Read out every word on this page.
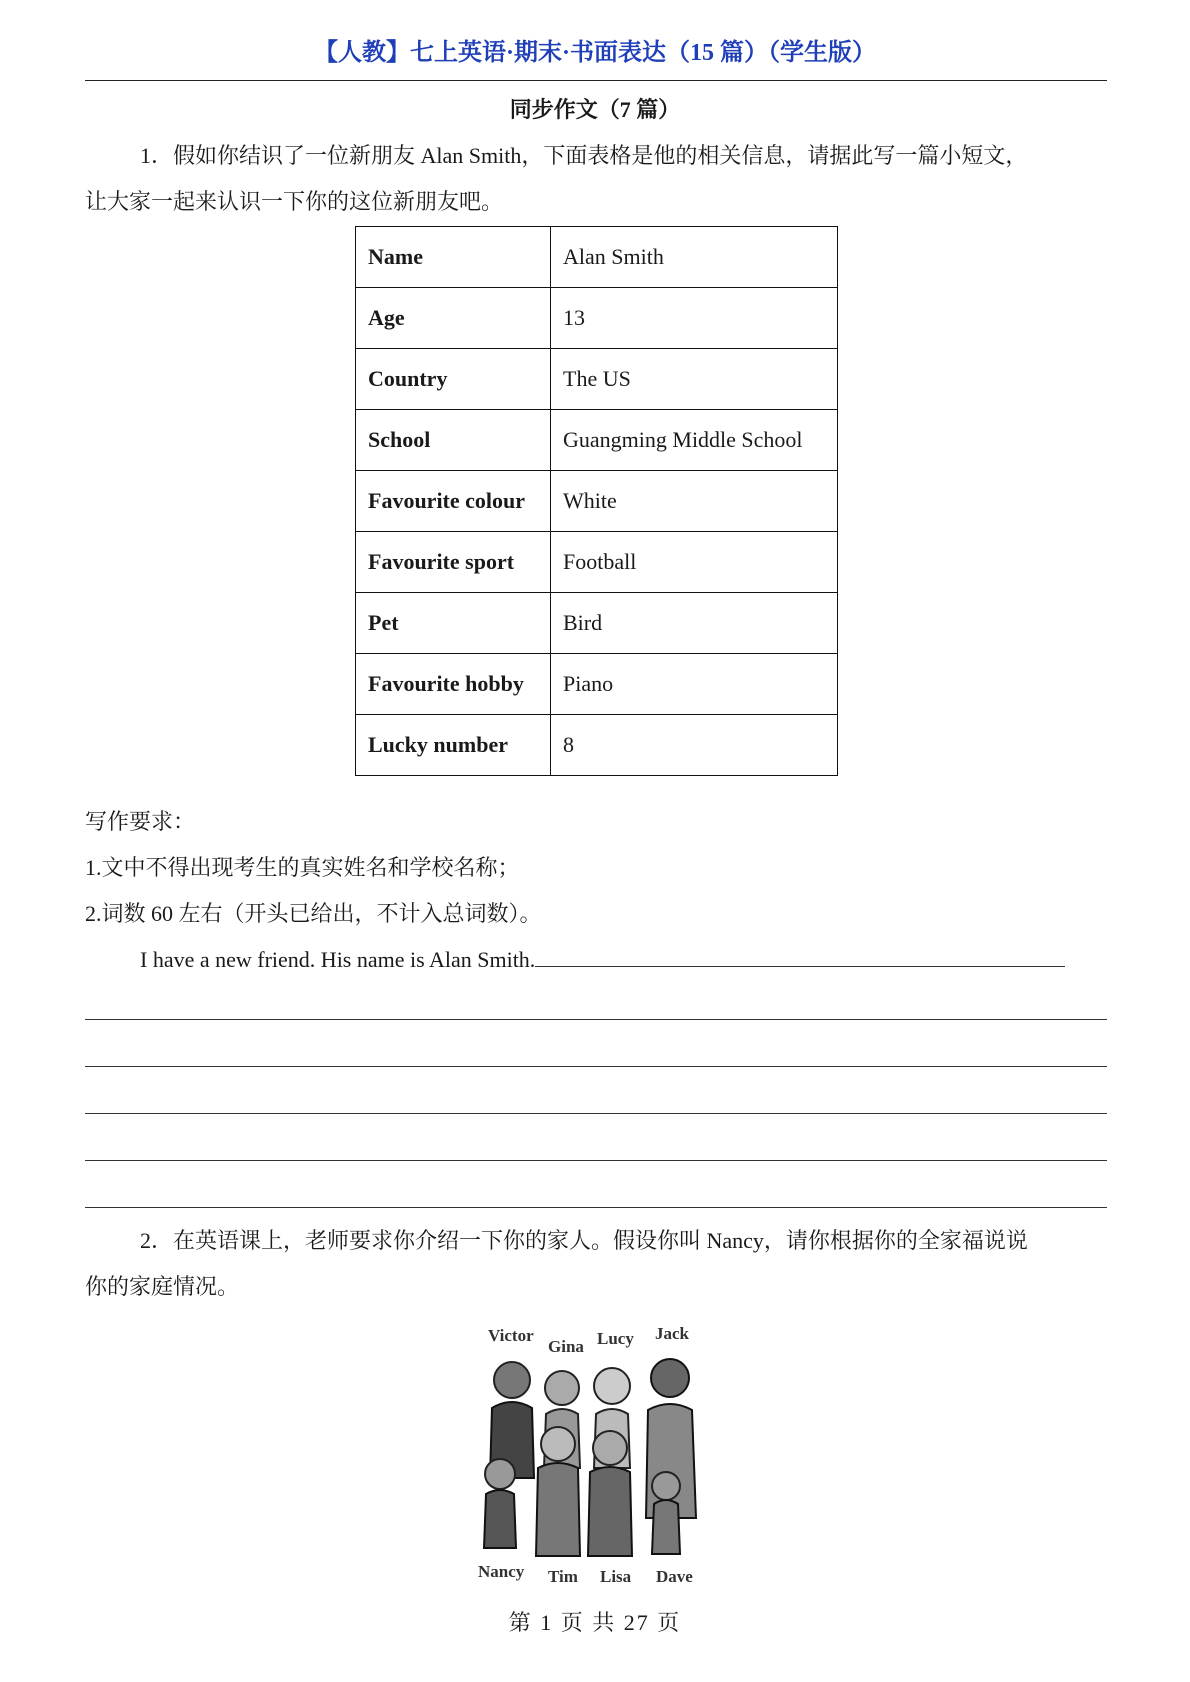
【人教】七上英语·期末·书面表达（15 篇）（学生版）
同步作文（7 篇）
1．假如你结识了一位新朋友 Alan Smith，下面表格是他的相关信息，请据此写一篇小短文，
让大家一起来认识一下你的这位新朋友吧。
Name	Alan Smith
Age	13
Country	The US
School	Guangming Middle School
Favourite colour	White
Favourite sport	Football
Pet	Bird
Favourite hobby	Piano
Lucky number	8
写作要求：
1.文中不得出现考生的真实姓名和学校名称；
2.词数 60 左右（开头已给出，不计入总词数）。
I have a new friend. His name is Alan Smith.
2．在英语课上，老师要求你介绍一下你的家人。假设你叫 Nancy，请你根据你的全家福说说
你的家庭情况。
Victor
Gina Lucy Jack
Nancy Tim Lisa Dave
第 1 页 共 27 页
